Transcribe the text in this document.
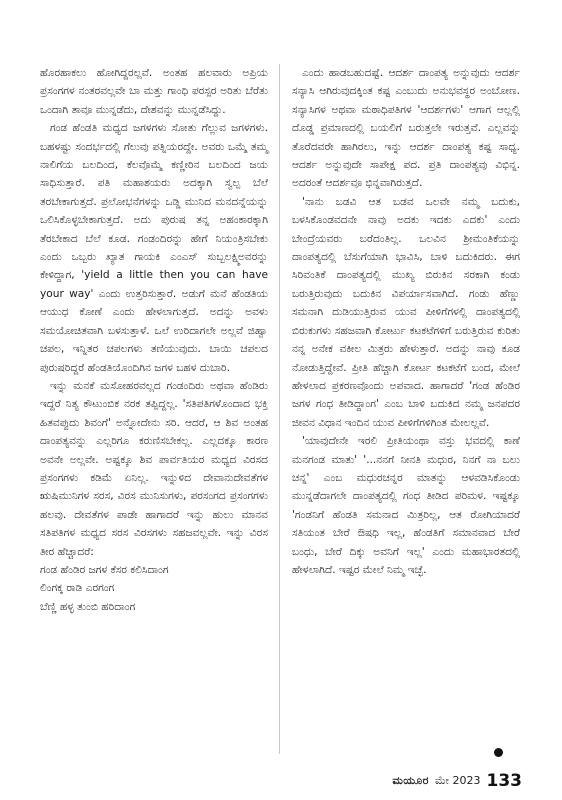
ಹೊರಹಾಕಲು ಹೋಗಿದ್ದರಲ್ಲವೆ. ಅಂತಹ ಹಲವಾರು ಅಪ್ರಿಯ ಪ್ರಸಂಗಗಳ ನಂತರವಲ್ಲವೇ ಬಾ ಮತ್ತು ಗಾಂಧಿ ಪರಸ್ಪರ ಅರಿತು ಬೆರೆತು ಒಂದಾಗಿ ತಾವೂ ಮುನ್ನಡೆದು, ದೇಶವನ್ನು ಮುನ್ನಡೆಸಿದ್ದು.

ಗಂಡ ಹೆಂಡತಿ ಮಧ್ಯದ ಜಗಳಗಳು ಸೋತು ಗೆಲ್ಲುವ ಜಗಳಗಳು. ಬಹಳಷ್ಟು ಸಂದರ್ಭದಲ್ಲಿ ಗೆಲುವು ಪತ್ನಿಯರದ್ದೇ. ಅವರು ಒಮ್ಮೆ ತಮ್ಮ ನಾಲಿಗೆಯ ಬಲದಿಂದ, ಕೆಲವೊಮ್ಮೆ ಕಣ್ಣೀರಿನ ಬಲದಿಂದ ಜಯ ಸಾಧಿಸುತ್ತಾರೆ. ಪತಿ ಮಹಾಶಯರು ಅದಕ್ಕಾಗಿ ಸ್ವಲ್ಪ ಬೆಲೆ ತರಬೇಕಾಗುತ್ತದೆ. ಪ್ರಲೋಭನೆಗಳನ್ನು ಒಡ್ಡಿ ಮುನಿದ ಮನದನ್ನೆಯನ್ನು ಒಲಿಸಿಕೊಳ್ಳಬೇಕಾಗುತ್ತದೆ. ಅದು ಪುರುಷ ತನ್ನ ಅಹಂಕಾರಕ್ಕಾಗಿ ತೆರಬೇಕಾದ ಬೆಲೆ ಕೂಡ. ಗಂಡಂದಿರನ್ನು ಹೇಗೆ ನಿಯಂತ್ರಿಸಬೇಕು ಎಂದು ಒಬ್ಬರು ಖ್ಯಾತ ಗಾಯಕಿ ಎಂಎಸ್ ಸುಬ್ಬಲಕ್ಷ್ಮಿಅವರನ್ನು ಕೇಳಿದ್ದಾಗ, 'yield a little then you can have your way' ಎಂದು ಉತ್ತರಿಸುತ್ತಾರೆ. ಅಡುಗೆ ಮನೆ ಹೆಂಡತಿಯ ಆಯುಧ ಕೋಣೆ ಎಂದು ಹೇಳಲಾಗುತ್ತದೆ. ಅದನ್ನು ಅವಳು ಸಮಯೋಚಿತವಾಗಿ ಬಳಸುತ್ತಾಳೆ. ಒಲೆ ಉರಿದಾಗಲೇ ಅಲ್ಲವೆ ಜಿಹ್ವಾ ಚಪಲ, ಇನ್ನಿತರ ಚಪಲಗಳು ತಣಿಯುವುದು. ಬಾಯಿ ಚಪಲದ ಪುರುಷರಿದ್ದರೆ ಹೆಂಡತಿಯೊಂದಿಗಿನ ಜಗಳ ಬಹಳ ದುಬಾರಿ.

ಇನ್ನು ಮನಕೆ ಮಸೋಹರವಲ್ಲದ ಗಂಡಂದಿರು ಅಥವಾ ಹೆಂಡಿರು ಇದ್ದರೆ ನಿತ್ಯ ಕೌಟುಂಬಿಕ ನರಕ ತಪ್ಪಿದ್ದಲ್ಲ. 'ಸತಿಪತಿಗಳೊಂದಾದ ಭಕ್ತಿ ಹಿತವಪ್ಪುದು ಶಿವಂಗೆ' ಅನ್ನೋದೇನು ಸರಿ. ಆದರೆ, ಆ ಶಿವ ಅಂತಹ ದಾಂಪತ್ಯವನ್ನು ಎಲ್ಲರಿಗೂ ಕರುಣಿಸಬೇಕಲ್ಲ. ಎಲ್ಲದಕ್ಕೂ ಕಾರಣ ಅವನೇ ಅಲ್ಲವೇ. ಅಷ್ಟಕ್ಕೂ ಶಿವ ಪಾರ್ವತಿಯರ ಮಧ್ಯದ ವಿರಸದ ಪ್ರಸಂಗಗಳು ಕಡಿಮೆ ಏನಿಲ್ಲ. ಇನ್ನುಳಿದ ದೇವಾನುದೇವತೆಗಳ ಋಷಿಮುನಿಗಳ ಸರಸ, ವಿರಸ ಮುನಿಸುಗಳು, ಪರಸಂಗದ ಪ್ರಸಂಗಗಳು ಹಲವು. ದೇವತೆಗಳ ಪಾಡೇ ಹಾಗಾದರೆ ಇನ್ನು ಹುಲು ಮಾನವ ಸತಿಪತಿಗಳ ಮಧ್ಯದ ಸರಸ ವಿರಸಗಳು ಸಹಜವಲ್ಲವೇ. ಇನ್ನು ವಿರಸ ತೀರ ಹೆಚ್ಚಾದರೆ:

ಗಂಡ ಹೆಂಡಿರ ಜಗಳ ಕೆಸರ ಕಲಿಸಿದಾಂಗ

ಲಿಂಗಕ್ಕ ರಾಡಿ ಎರಗಂಗ

ಬೆಣ್ಣಿ ಹಳ್ಳ ತುಂಬಿ ಹರಿದಾಂಗ

ಎಂದು ಹಾಡಬಹುದಷ್ಟೆ. ಆದರ್ಶ ದಾಂಪತ್ಯ ಅನ್ನುವುದು ಆದರ್ಶ ಸನ್ಯಾಸಿ ಆಗಿರುವುದಕ್ಕಿಂತ ಕಷ್ಟ ಎಂಬುದು ಅನುಭವಸ್ಥರ ಅಂಬೋಣ. ಸನ್ಯಾಸಿಗಳ ಅಥವಾ ಮಠಾಧಿಪತಿಗಳ 'ಆದರ್ಶಗಳು' ಆಗಾಗ ಆಲ್ಲಲ್ಲಿ ದೊಡ್ಡ ಪ್ರಮಾಣದಲ್ಲಿ ಬಯಲಿಗೆ ಬರುತ್ತಲೇ ಇರುತ್ತವೆ. ಎಲ್ಲವನ್ನು ತೊರೆದವರೇ ಹಾಗಿರಲು, ಇನ್ನು ಆದರ್ಶ ದಾಂಪತ್ಯ ಕಷ್ಟ ಸಾಧ್ಯ. ಆದರ್ಶ ಅನ್ನುವುದೇ ಸಾಪೇಕ್ಷ ಪದ. ಪ್ರತಿ ದಾಂಪತ್ಯವು ವಿಭಿನ್ನ. ಅದರಂತೆ ಆದರ್ಶವೂ ಭಿನ್ನವಾಗಿರುತ್ತದೆ.

'ನಾನು ಬಡವಿ ಆತ ಬಡವ ಒಲವೇ ನಮ್ಮ ಬದುಕು, ಬಳಸಿಕೊಂಡವದನೇ ನಾವು ಅದಕು ಇದಕು ಎದಕು' ಎಂದು ಬೇಂದ್ರೆಯವರು ಬರೆದಂತಿಲ್ಲ. ಒಲವಿನ ಶ್ರೀಮಂತಿಕೆಯನ್ನು ದಾಂಪತ್ಯದಲ್ಲಿ ಬೆಸುಗೆಯಾಗಿ ಭಾವಿಸಿ, ಬಾಳಿ ಬದುಕಿದರು. ಈಗ ಸಿರಿವಂತಿಕೆ ದಾಂಪತ್ಯದಲ್ಲಿ ಮುಖ್ಯ ಬಿರುಕಿನ ಸರಕಾಗಿ ಕಂಡು ಬರುತ್ತಿರುವುದು ಬದುಕಿನ ವಿಪರ್ಯಾಸವಾಗಿದೆ. ಗಂಡು ಹೆಣ್ಣು ಸಮನಾಗಿ ದುಡಿಯುತ್ತಿರುವ ಯುವ ಪೀಳಿಗೆಗಳಲ್ಲಿ ದಾಂಪತ್ಯದಲ್ಲಿ ಬಿರುಕುಗಳು ಸಹಜವಾಗಿ ಕೋರ್ಟು ಕಟಕಟೆಗಳಿಗೆ ಬರುತ್ತಿರುವ ಕುರಿತು ನನ್ನ ಅನೇಕ ವಕೀಲ ಮಿತ್ರರು ಹೇಳುತ್ತಾರೆ. ಅದನ್ನು ನಾವು ಕೂಡ ನೋಡುತ್ತಿದ್ದೇವೆ. ಪ್ರೀತಿ ಹೆಚ್ಚಾಗಿ ಕೋರ್ಟ ಕಟಕಟೆಗೆ ಬಂದ, ಮೇಲೆ ಹೇಳಲಾದ ಪ್ರಕರಣವೊಂದು ಅಪವಾದ. ಹಾಗಾದರೆ 'ಗಂಡ ಹೆಂಡಿರ ಜಗಳ ಗಂಧ ತೀಡಿದ್ದಾಂಗ' ಎಂಬ ಬಾಳಿ ಬದುಕಿದ ನಮ್ಮ ಜನಪದರ ಜೀವನ ವಿಧಾನ ಇಂದಿನ ಯುವ ಪೀಳಿಗೆಗಳಿಗಿಂತ ಮೇಲಲ್ಲವೆ.

'ಯಾವುದೇನೇ ಇರಲಿ ಪ್ರೀತಿಯಂಥಾ ವಸ್ತು ಭವದಲ್ಲಿ ಕಾಣೆ ಮನಗಂಡ ಮಾತು' '...ನನಗೆ ನೀನತಿ ಮಧುರ, ನಿನಗೆ ನಾ ಬಲು ಚನ್ನ' ಎಂಬ ಮಧುರಚನ್ನರ ಮಾತನ್ನು ಆಳವಡಿಸಿಕೊಂಡು ಮುನ್ನಡೆದಾಗಲೇ ದಾಂಪತ್ಯದಲ್ಲಿ ಗಂಧ ತೀಡಿದ ಪರಿಮಳ. ಇಷ್ಟಕ್ಕೂ 'ಗಂಡನಿಗೆ ಹೆಂಡತಿ ಸಮನಾದ ಮಿತ್ರರಿಲ್ಲ, ಆತ ರೋಗಿಯಾದರೆ ಸತಿಯಂತ ಬೇರೆ ಔಷಧಿ ಇಲ್ಲ, ಹೆಂಡತಿಗೆ ಸಮಾನವಾದ ಬೇರೆ ಬಂಧು, ಬೇರೆ ದಿಕ್ಕು ಅವನಿಗೆ ಇಲ್ಲ' ಎಂದು ಮಹಾಭಾರತದಲ್ಲಿ ಹೇಳಲಾಗಿದೆ. ಇಷ್ಟರ ಮೇಲೆ ನಿಮ್ಮ ಇಚ್ಛೆ.

ಮಯೂರ ಮೇ 2023 133
